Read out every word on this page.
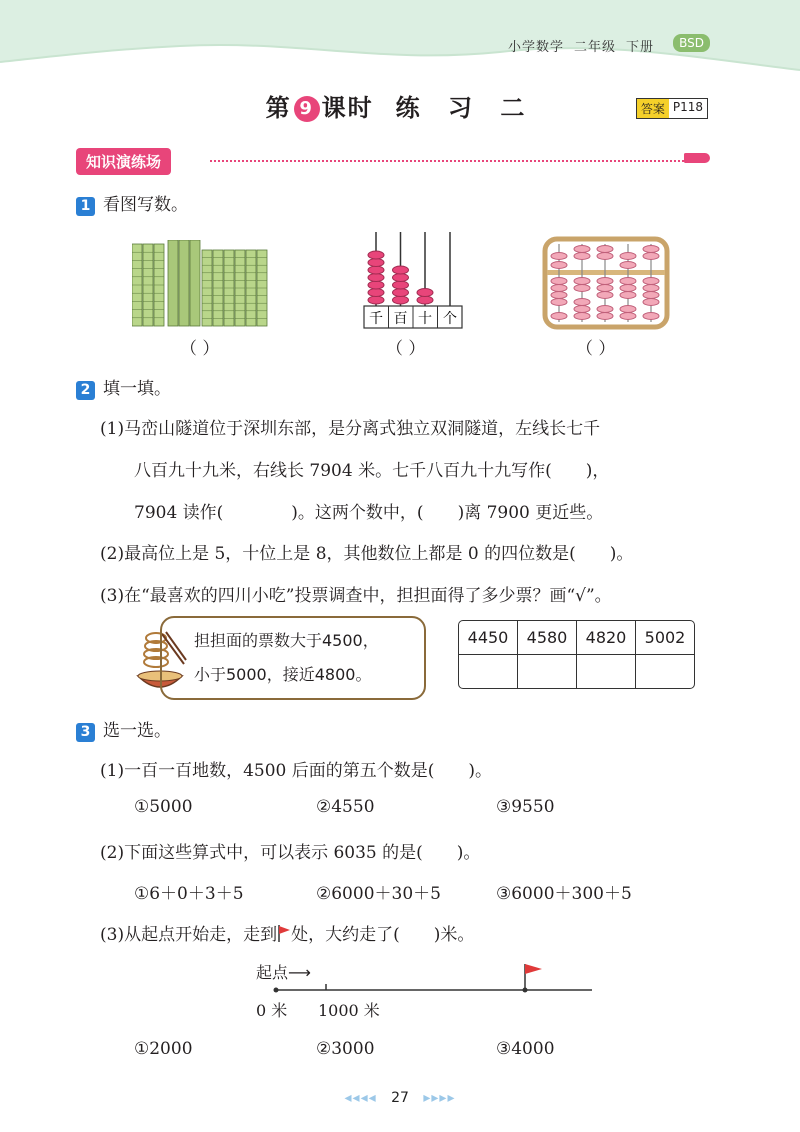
小学数学 二年级 下册	BSD
第 9 课时 练 习 二	答案 P118
知识演练场
1 看图写数。
千 百 十 个
（ ）	（ ）	（ ）
2 填一填。
(1)马峦山隧道位于深圳东部，是分离式独立双洞隧道，左线长七千
八百九十九米，右线长 7904 米。七千八百九十九写作(　　)，
7904 读作(　　　　)。这两个数中，(　　)离 7900 更近些。
(2)最高位上是 5，十位上是 8，其他数位上都是 0 的四位数是(　　)。
(3)在“最喜欢的四川小吃”投票调查中，担担面得了多少票？画“√”。
担担面的票数大于4500，
小于5000，接近4800。
4450	4580	4820	5002

3 选一选。
(1)一百一百地数，4500 后面的第五个数是(　　)。
①5000	②4550	③9550
(2)下面这些算式中，可以表示 6035 的是(　　)。
①6＋0＋3＋5	②6000＋30＋5	③6000＋300＋5
(3)从起点开始走，走到 处，大约走了(　　)米。
起点⟶
0 米 1000 米
①2000	②3000	③4000
◂◂◂◂ 27 ▸▸▸▸
